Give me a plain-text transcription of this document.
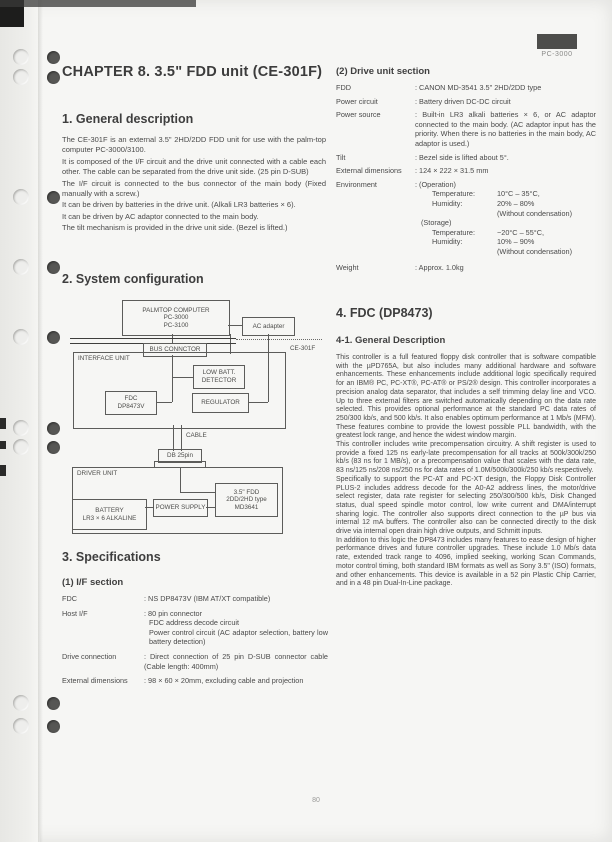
PC-3000
CHAPTER 8. 3.5" FDD unit (CE-301F)
1. General description

The CE-301F is an external 3.5" 2HD/2DD FDD unit for use with the palm-top computer PC-3000/3100.

It is composed of the I/F circuit and the drive unit connected with a cable each other. The cable can be separated from the drive unit side. (25 pin D-SUB)

The I/F circuit is connected to the bus connector of the main body (Fixed manually with a screw.)

It can be driven by batteries in the drive unit. (Alkali LR3 batteries × 6).

It can be driven by AC adaptor connected to the main body.

The tilt mechanism is provided in the drive unit side. (Bezel is lifted.)

2. System configuration
PALMTOP COMPUTER
PC-3000
PC-3100	AC adapter
CE-301F
BUS CONNCTOR
INTERFACE UNIT
LOW BATT.
DETECTOR
FDC
DP8473V
REGULATOR
CABLE
DB 25pin
DRIVER UNIT
BATTERY
LR3 × 6 ALKALINE
POWER SUPPLY
3.5" FDD
2DD/2HD type
MD3641
3. Specifications
(1) I/F section
FDC	: NS DP8473V (IBM AT/XT compatible)
Host I/F	: 80 pin connector
FDC address decode circuit
Power control circuit (AC adaptor selection, battery low battery detection)
Drive connection	: Direct connection of 25 pin D-SUB connector cable (Cable length: 400mm)
External dimensions	: 98 × 60 × 20mm, excluding cable and projection
(2) Drive unit section
FDD	: CANON MD-3541 3.5" 2HD/2DD type
Power circuit	: Battery driven DC-DC circuit
Power source	: Built-in LR3 alkali batteries × 6, or AC adaptor connected to the main body. (AC adaptor input has the priority. When there is no batteries in the main body, AC adaptor is used.)
Tilt	: Bezel side is lifted about 5°.
External dimensions	: 124 × 222 × 31.5 mm
Environment	: (Operation)
Temperature:	10°C – 35°C,
Humidity:	20% – 80%
(Without condensation)
(Storage)
Temperature:	−20°C – 55°C,
Humidity:	10% – 90%
(Without condensation)
Weight	: Approx. 1.0kg
4. FDC (DP8473)
4-1. General Description

This controller is a full featured floppy disk controller that is software compatible with the µPD765A, but also includes many additional hardware and software enhancements. These enhancements include additional logic specifically required for an IBM® PC, PC-XT®, PC-AT® or PS/2® design. This controller incorporates a precision analog data separator, that includes a self trimming delay line and VCO. Up to three external filters are switched automatically depending on the data rate selected. This provides optional performance at the standard PC data rates of 250/300 kb/s, and 500 kb/s. It also enables optimum performance at 1 Mb/s (MFM). These features combine to provide the lowest possible PLL bandwidth, with the greatest lock range, and hence the widest window margin.

This controller includes write precompensation circuitry. A shift register is used to provide a fixed 125 ns early-late precompensation for all tracks at 500k/300k/250 kb/s (83 ns for 1 MB/s), or a precompensation value that scales with the data rate, 83 ns/125 ns/208 ns/250 ns for data rates of 1.0M/500k/300k/250 kb/s respectively.

Specifically to support the PC-AT and PC-XT design, the Floppy Disk Controller PLUS-2 includes address decode for the A0-A2 address lines, the motor/drive select register, data rate register for selecting 250/300/500 kb/s, Disk Changed status, dual speed spindle motor control, low write current and DMA/interrupt sharing logic. The controller also supports direct connection to the µP bus via internal 12 mA buffers. The controller also can be connected directly to the disk drive via internal open drain high drive outputs, and Schmitt inputs.

In addition to this logic the DP8473 includes many features to ease design of higher performance drives and future controller upgrades. These include 1.0 Mb/s data rate, extended track range to 4096, implied seeking, working Scan Commands, motor control timing, both standard IBM formats as well as Sony 3.5" (ISO) formats, and other enhancements. This device is available in a 52 pin Plastic Chip Carrier, and in a 48 pin Dual-In-Line package.

80
